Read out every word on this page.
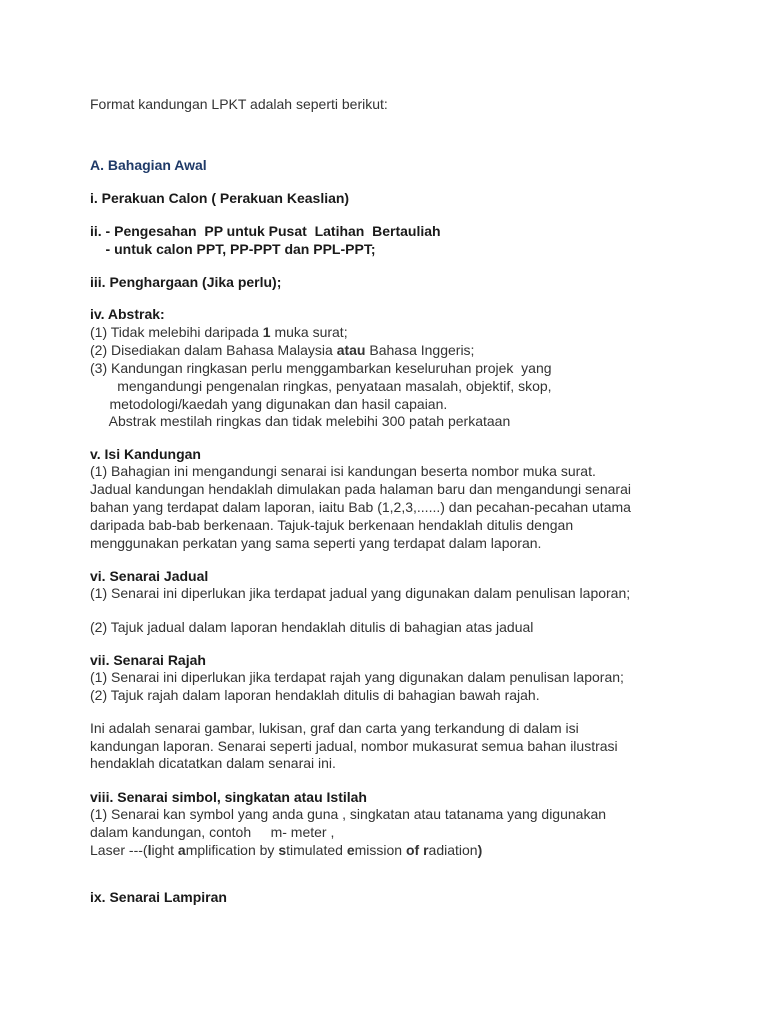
Format kandungan LPKT adalah seperti berikut:
A. Bahagian Awal
i. Perakuan Calon ( Perakuan Keaslian)
ii. - Pengesahan  PP untuk Pusat  Latihan  Bertauliah
- untuk calon PPT, PP-PPT dan PPL-PPT;
iii. Penghargaan (Jika perlu);
iv. Abstrak:
(1) Tidak melebihi daripada 1 muka surat;
(2) Disediakan dalam Bahasa Malaysia atau Bahasa Inggeris;
(3) Kandungan ringkasan perlu menggambarkan keseluruhan projek  yang
mengandungi pengenalan ringkas, penyataan masalah, objektif, skop,
metodologi/kaedah yang digunakan dan hasil capaian.
Abstrak mestilah ringkas dan tidak melebihi 300 patah perkataan
v. Isi Kandungan
(1) Bahagian ini mengandungi senarai isi kandungan beserta nombor muka surat.
Jadual kandungan hendaklah dimulakan pada halaman baru dan mengandungi senarai
bahan yang terdapat dalam laporan, iaitu Bab (1,2,3,......) dan pecahan-pecahan utama
daripada bab-bab berkenaan. Tajuk-tajuk berkenaan hendaklah ditulis dengan
menggunakan perkatan yang sama seperti yang terdapat dalam laporan.
vi. Senarai Jadual
(1) Senarai ini diperlukan jika terdapat jadual yang digunakan dalam penulisan laporan;
(2) Tajuk jadual dalam laporan hendaklah ditulis di bahagian atas jadual
vii. Senarai Rajah
(1) Senarai ini diperlukan jika terdapat rajah yang digunakan dalam penulisan laporan;
(2) Tajuk rajah dalam laporan hendaklah ditulis di bahagian bawah rajah.
Ini adalah senarai gambar, lukisan, graf dan carta yang terkandung di dalam isi
kandungan laporan. Senarai seperti jadual, nombor mukasurat semua bahan ilustrasi
hendaklah dicatatkan dalam senarai ini.
viii. Senarai simbol, singkatan atau Istilah
(1) Senarai kan symbol yang anda guna , singkatan atau tatanama yang digunakan
dalam kandungan, contoh     m- meter ,
Laser ---(light amplification by stimulated emission of radiation)
ix. Senarai Lampiran
